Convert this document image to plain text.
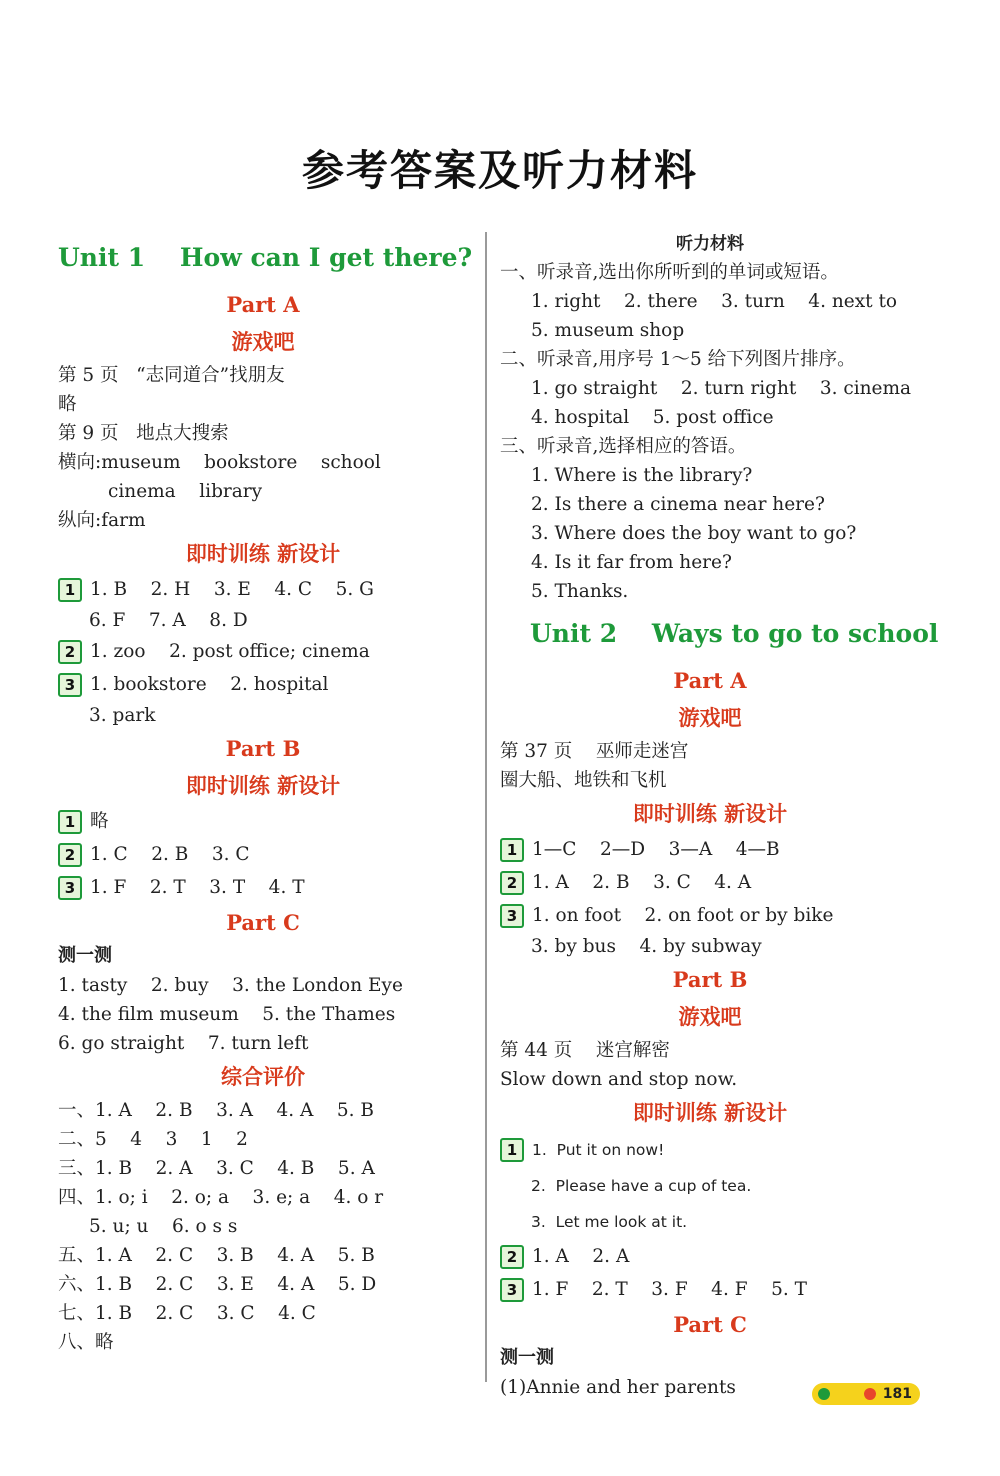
参考答案及听力材料
Unit 1    How can I get there?
Part A
游戏吧
第 5 页   “志同道合”找朋友
略
第 9 页   地点大搜索
横向:museum    bookstore    school
cinema    library
纵向:farm
即时训练 新设计
1 1. B    2. H    3. E    4. C    5. G
6. F    7. A    8. D
2 1. zoo    2. post office; cinema
3 1. bookstore    2. hospital
3. park
Part B
即时训练 新设计
1 略
2 1. C    2. B    3. C
3 1. F    2. T    3. T    4. T
Part C
测一测
1. tasty    2. buy    3. the London Eye
4. the film museum    5. the Thames
6. go straight    7. turn left
综合评价
一、1. A    2. B    3. A    4. A    5. B
二、5    4    3    1    2
三、1. B    2. A    3. C    4. B    5. A
四、1. o; i    2. o; a    3. e; a    4. o r
5. u; u    6. o s s
五、1. A    2. C    3. B    4. A    5. B
六、1. B    2. C    3. E    4. A    5. D
七、1. B    2. C    3. C    4. C
八、略
听力材料
一、听录音,选出你所听到的单词或短语。
1. right    2. there    3. turn    4. next to
5. museum shop
二、听录音,用序号 1～5 给下列图片排序。
1. go straight    2. turn right    3. cinema
4. hospital    5. post office
三、听录音,选择相应的答语。
1. Where is the library?
2. Is there a cinema near here?
3. Where does the boy want to go?
4. Is it far from here?
5. Thanks.
Unit 2    Ways to go to school
Part A
游戏吧
第 37 页    巫师走迷宫
圈大船、地铁和飞机
即时训练 新设计
1 1—C    2—D    3—A    4—B
2 1. A    2. B    3. C    4. A
3 1. on foot    2. on foot or by bike
3. by bus    4. by subway
Part B
游戏吧
第 44 页    迷宫解密
Slow down and stop now.
即时训练 新设计
1 1.  Put it on now!
2.  Please have a cup of tea.
3.  Let me look at it.
2 1. A    2. A
3 1. F    2. T    3. F    4. F    5. T
Part C
测一测
(1)Annie and her parents	181
